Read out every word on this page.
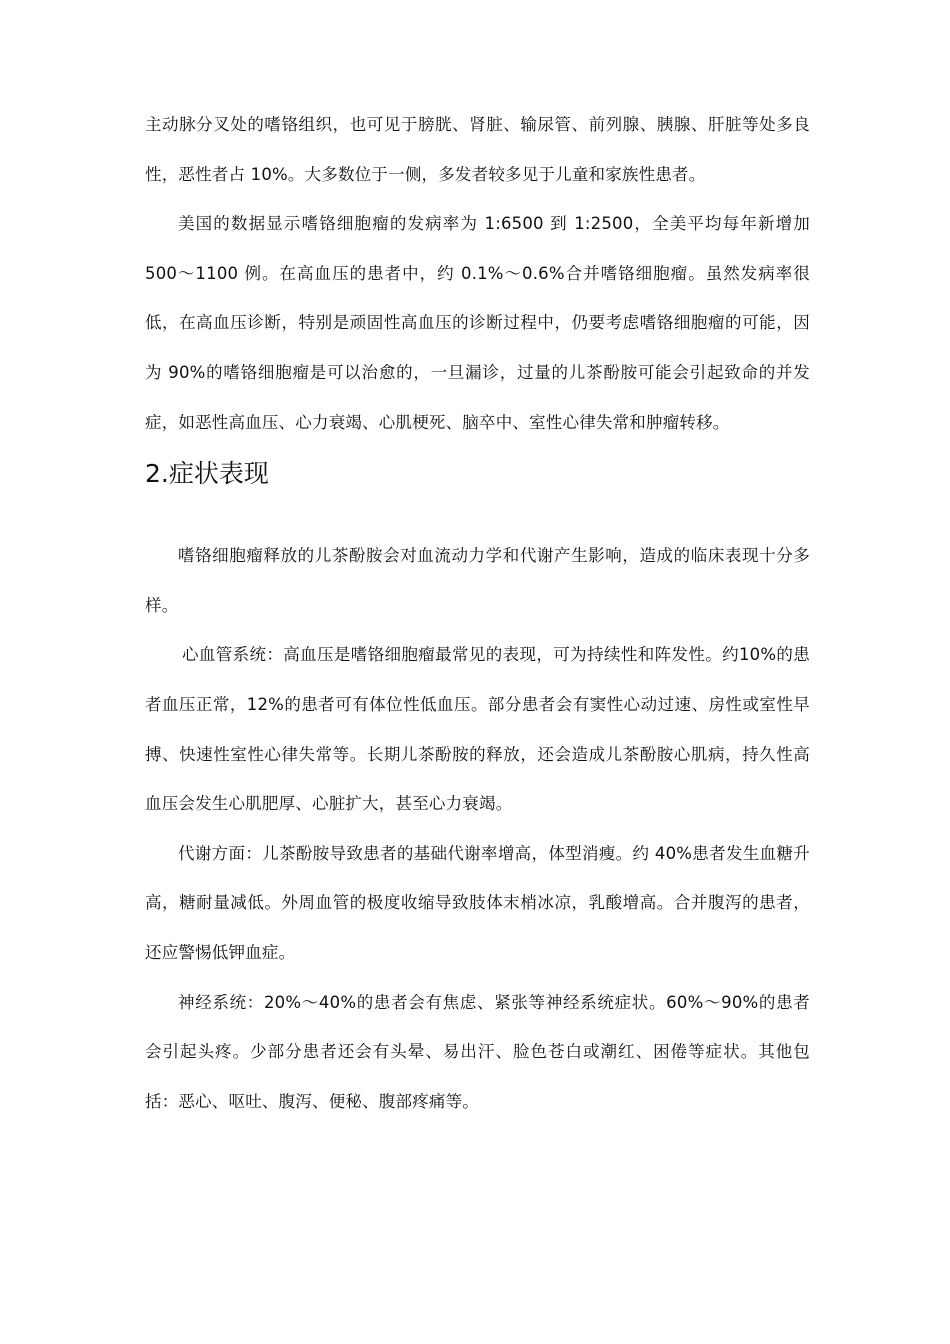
主动脉分叉处的嗜铬组织，也可见于膀胱、肾脏、输尿管、前列腺、胰腺、肝脏等处多良性，恶性者占 10%。大多数位于一侧，多发者较多见于儿童和家族性患者。

美国的数据显示嗜铬细胞瘤的发病率为 1:6500 到 1:2500，全美平均每年新增加 500～1100 例。在高血压的患者中，约 0.1%～0.6%合并嗜铬细胞瘤。虽然发病率很低，在高血压诊断，特别是顽固性高血压的诊断过程中，仍要考虑嗜铬细胞瘤的可能，因为 90%的嗜铬细胞瘤是可以治愈的，一旦漏诊，过量的儿茶酚胺可能会引起致命的并发症，如恶性高血压、心力衰竭、心肌梗死、脑卒中、室性心律失常和肿瘤转移。

2.症状表现

嗜铬细胞瘤释放的儿茶酚胺会对血流动力学和代谢产生影响，造成的临床表现十分多样。

心血管系统：高血压是嗜铬细胞瘤最常见的表现，可为持续性和阵发性。约10%的患者血压正常，12%的患者可有体位性低血压。部分患者会有窦性心动过速、房性或室性早搏、快速性室性心律失常等。长期儿茶酚胺的释放，还会造成儿茶酚胺心肌病，持久性高血压会发生心肌肥厚、心脏扩大，甚至心力衰竭。

代谢方面：儿茶酚胺导致患者的基础代谢率增高，体型消瘦。约 40%患者发生血糖升高，糖耐量减低。外周血管的极度收缩导致肢体末梢冰凉，乳酸增高。合并腹泻的患者，还应警惕低钾血症。

神经系统：20%～40%的患者会有焦虑、紧张等神经系统症状。60%～90%的患者会引起头疼。少部分患者还会有头晕、易出汗、脸色苍白或潮红、困倦等症状。其他包括：恶心、呕吐、腹泻、便秘、腹部疼痛等。
